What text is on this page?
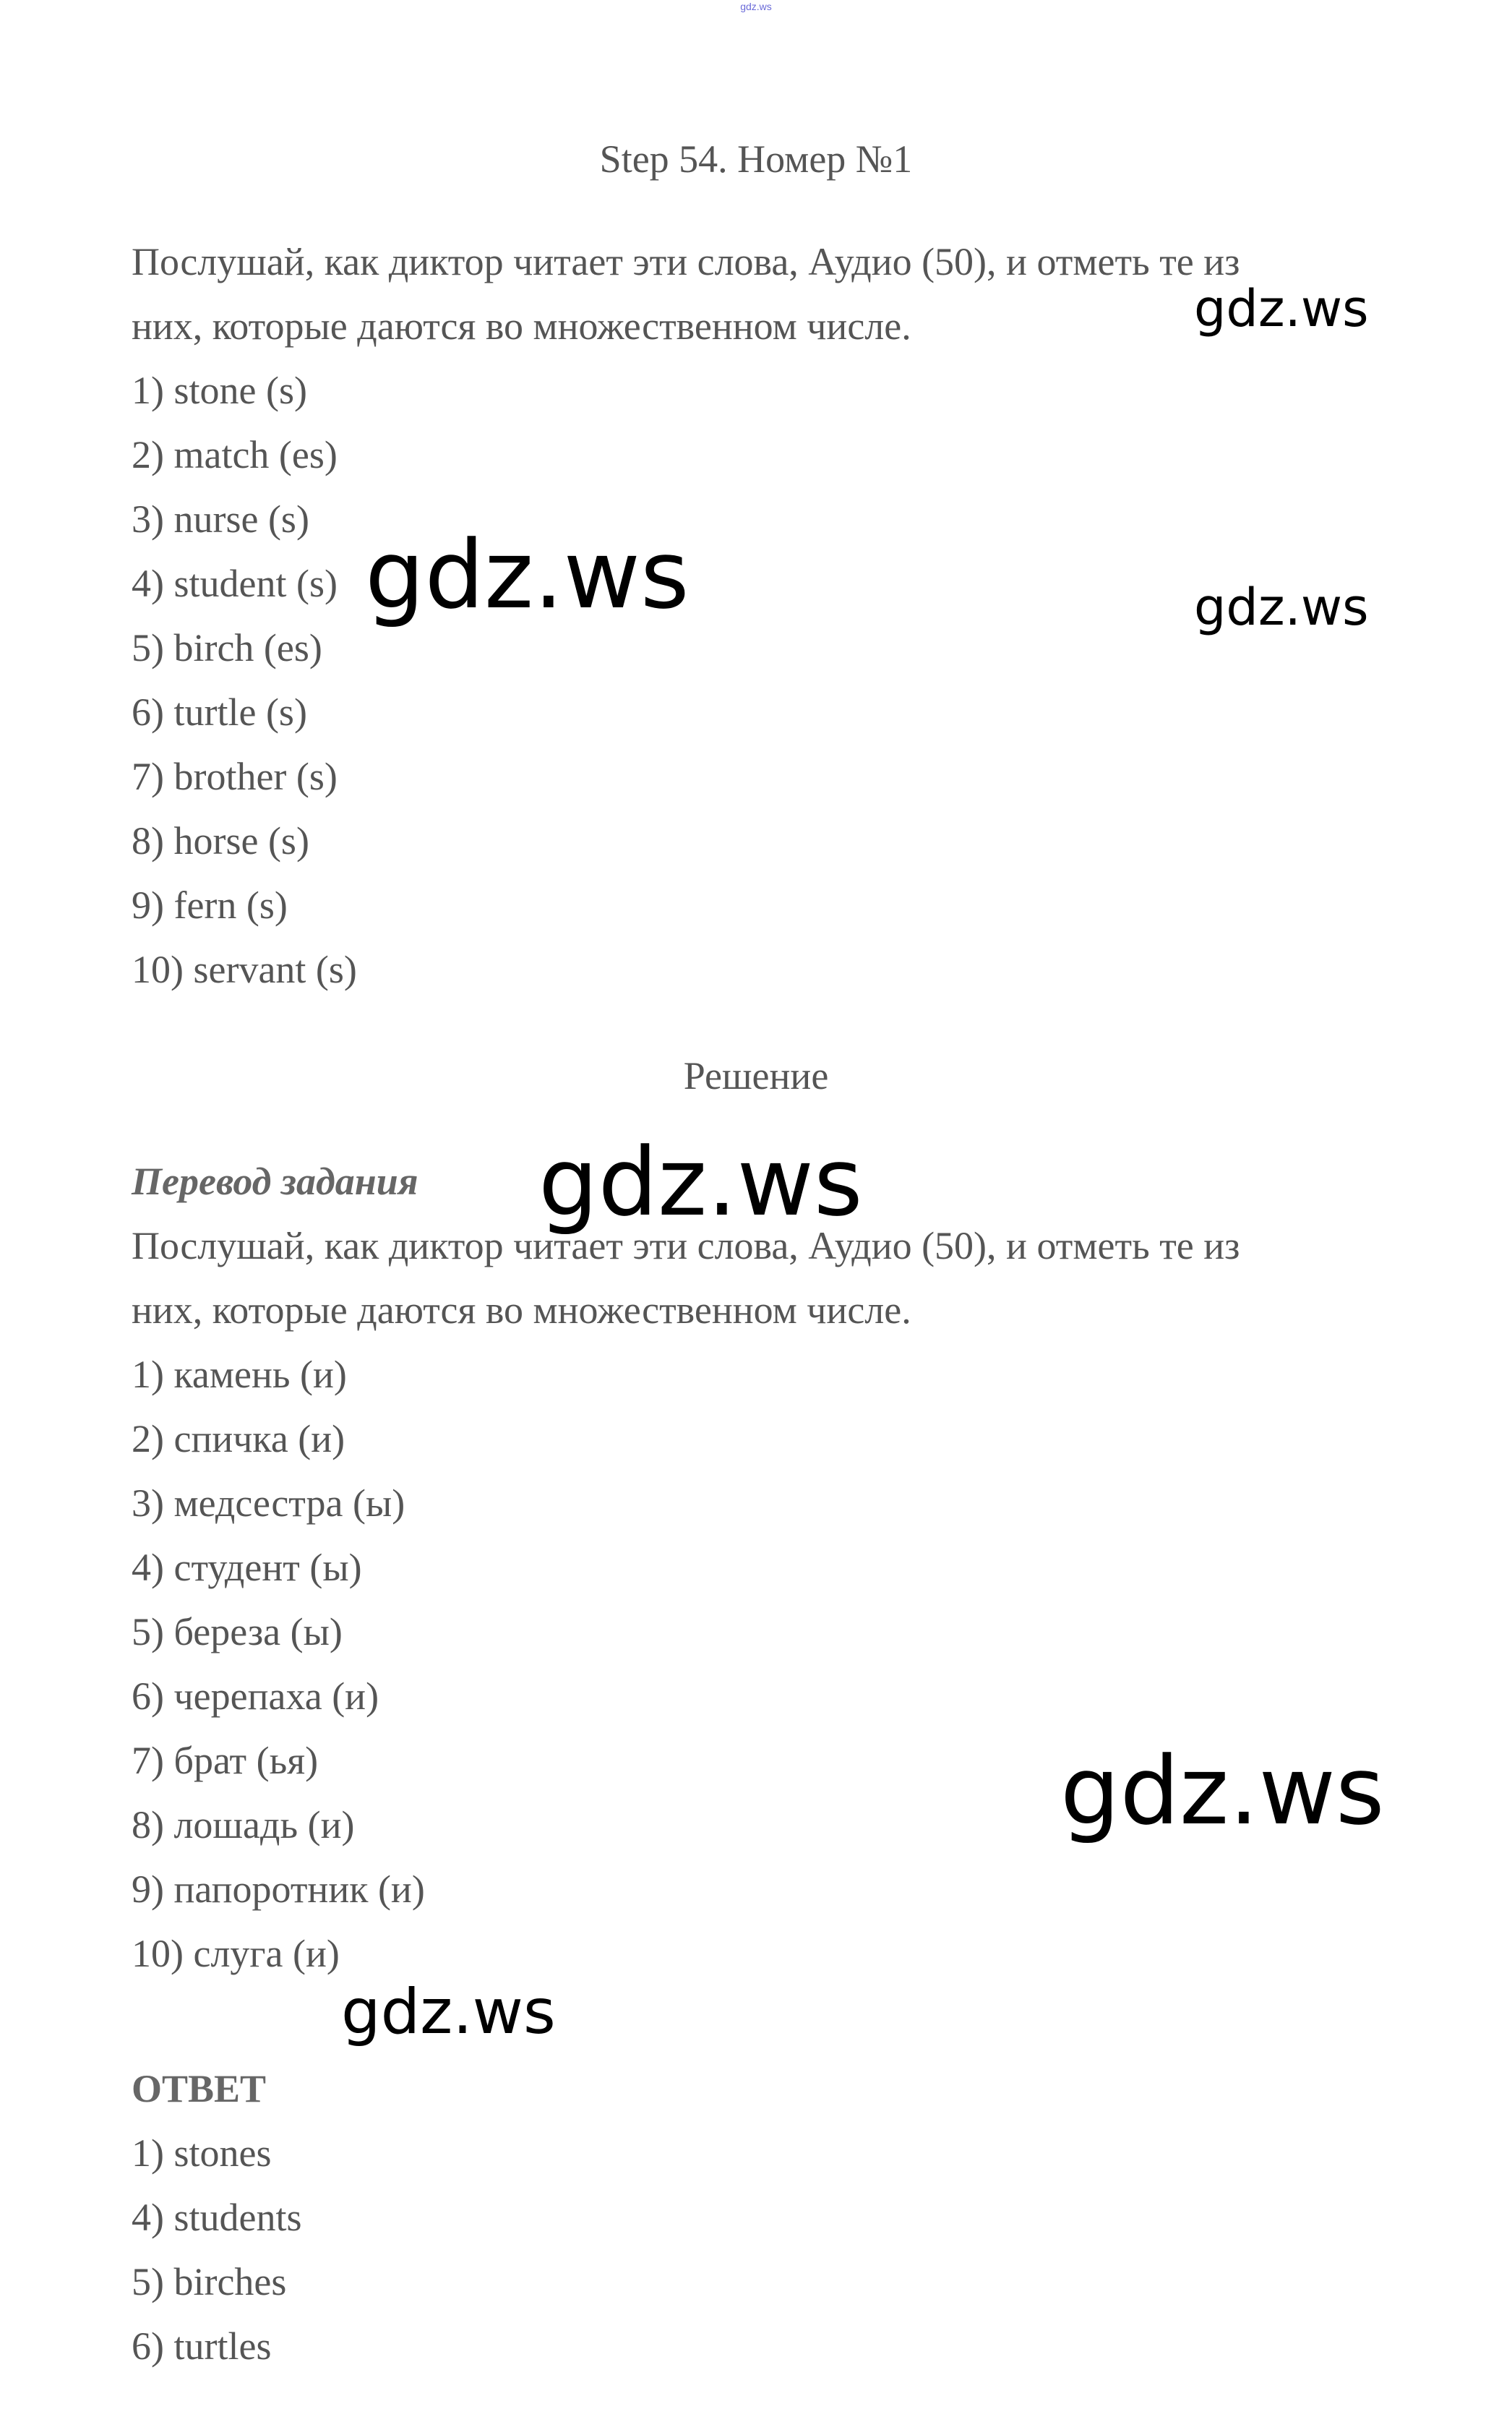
gdz.ws
Step 54. Номер №1

Послушай, как диктор читает эти слова, Аудио (50), и отметь те из

них, которые даются во множественном числе.

1) stone (s)
2) match (es)
3) nurse (s)
4) student (s)
5) birch (es)
6) turtle (s)
7) brother (s)
8) horse (s)
9) fern (s)
10) servant (s)
Решение

Перевод задания

Послушай, как диктор читает эти слова, Аудио (50), и отметь те из

них, которые даются во множественном числе.

1) камень (и)
2) спичка (и)
3) медсестра (ы)
4) студент (ы)
5) береза (ы)
6) черепаха (и)
7) брат (ья)
8) лошадь (и)
9) папоротник (и)
10) слуга (и)

ОТВЕТ

1) stones
4) students
5) birches
6) turtles
gdz.ws
gdz.ws	gdz.ws
gdz.ws
gdz.ws
gdz.ws
